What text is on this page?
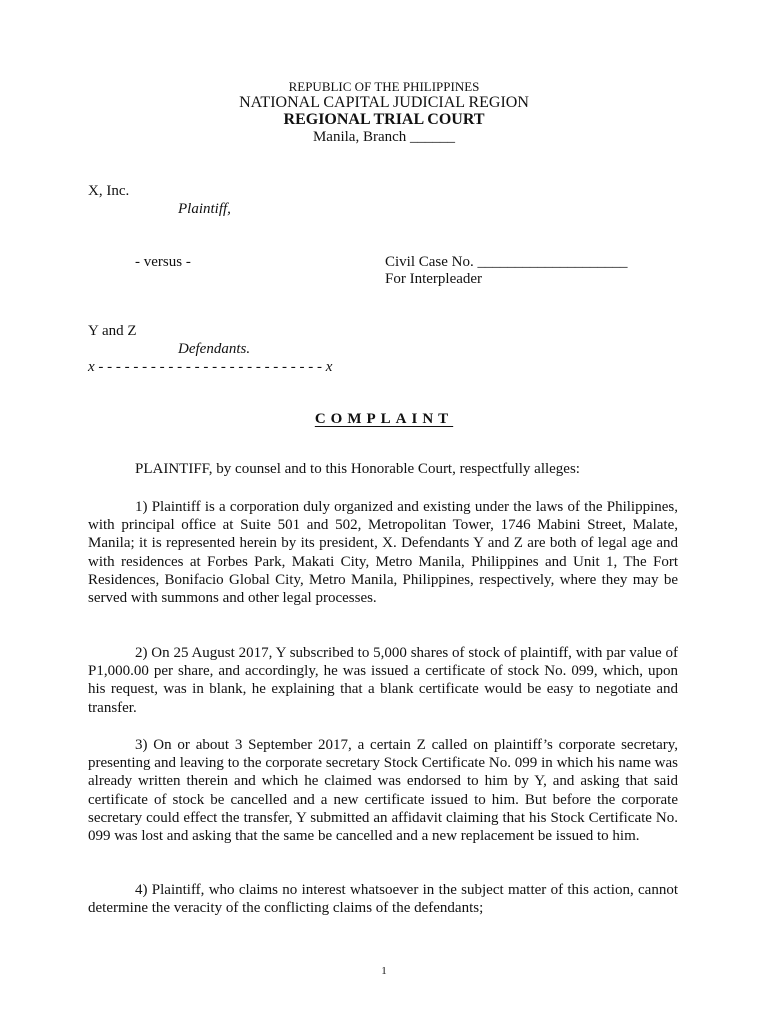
REPUBLIC OF THE PHILIPPINES
NATIONAL CAPITAL JUDICIAL REGION
REGIONAL TRIAL COURT
Manila, Branch ______
X, Inc.
Plaintiff,
- versus -	Civil Case No. ____________________
For Interpleader
Y and Z
Defendants.
x - - - - - - - - - - - - - - - - - - - - - - - - - - x
COMPLAINT

PLAINTIFF, by counsel and to this Honorable Court, respectfully alleges:

1) Plaintiff is a corporation duly organized and existing under the laws of the Philippines, with principal office at Suite 501 and 502, Metropolitan Tower, 1746 Mabini Street, Malate, Manila; it is represented herein by its president, X. Defendants Y and Z are both of legal age and with residences at Forbes Park, Makati City, Metro Manila, Philippines and Unit 1, The Fort Residences, Bonifacio Global City, Metro Manila, Philippines, respectively, where they may be served with summons and other legal processes.

2) On 25 August 2017, Y subscribed to 5,000 shares of stock of plaintiff, with par value of P1,000.00 per share, and accordingly, he was issued a certificate of stock No. 099, which, upon his request, was in blank, he explaining that a blank certificate would be easy to negotiate and transfer.

3) On or about 3 September 2017, a certain Z called on plaintiff’s corporate secretary, presenting and leaving to the corporate secretary Stock Certificate No. 099 in which his name was already written therein and which he claimed was endorsed to him by Y, and asking that said certificate of stock be cancelled and a new certificate issued to him. But before the corporate secretary could effect the transfer, Y submitted an affidavit claiming that his Stock Certificate No. 099 was lost and asking that the same be cancelled and a new replacement be issued to him.

4) Plaintiff, who claims no interest whatsoever in the subject matter of this action, cannot determine the veracity of the conflicting claims of the defendants;

1
